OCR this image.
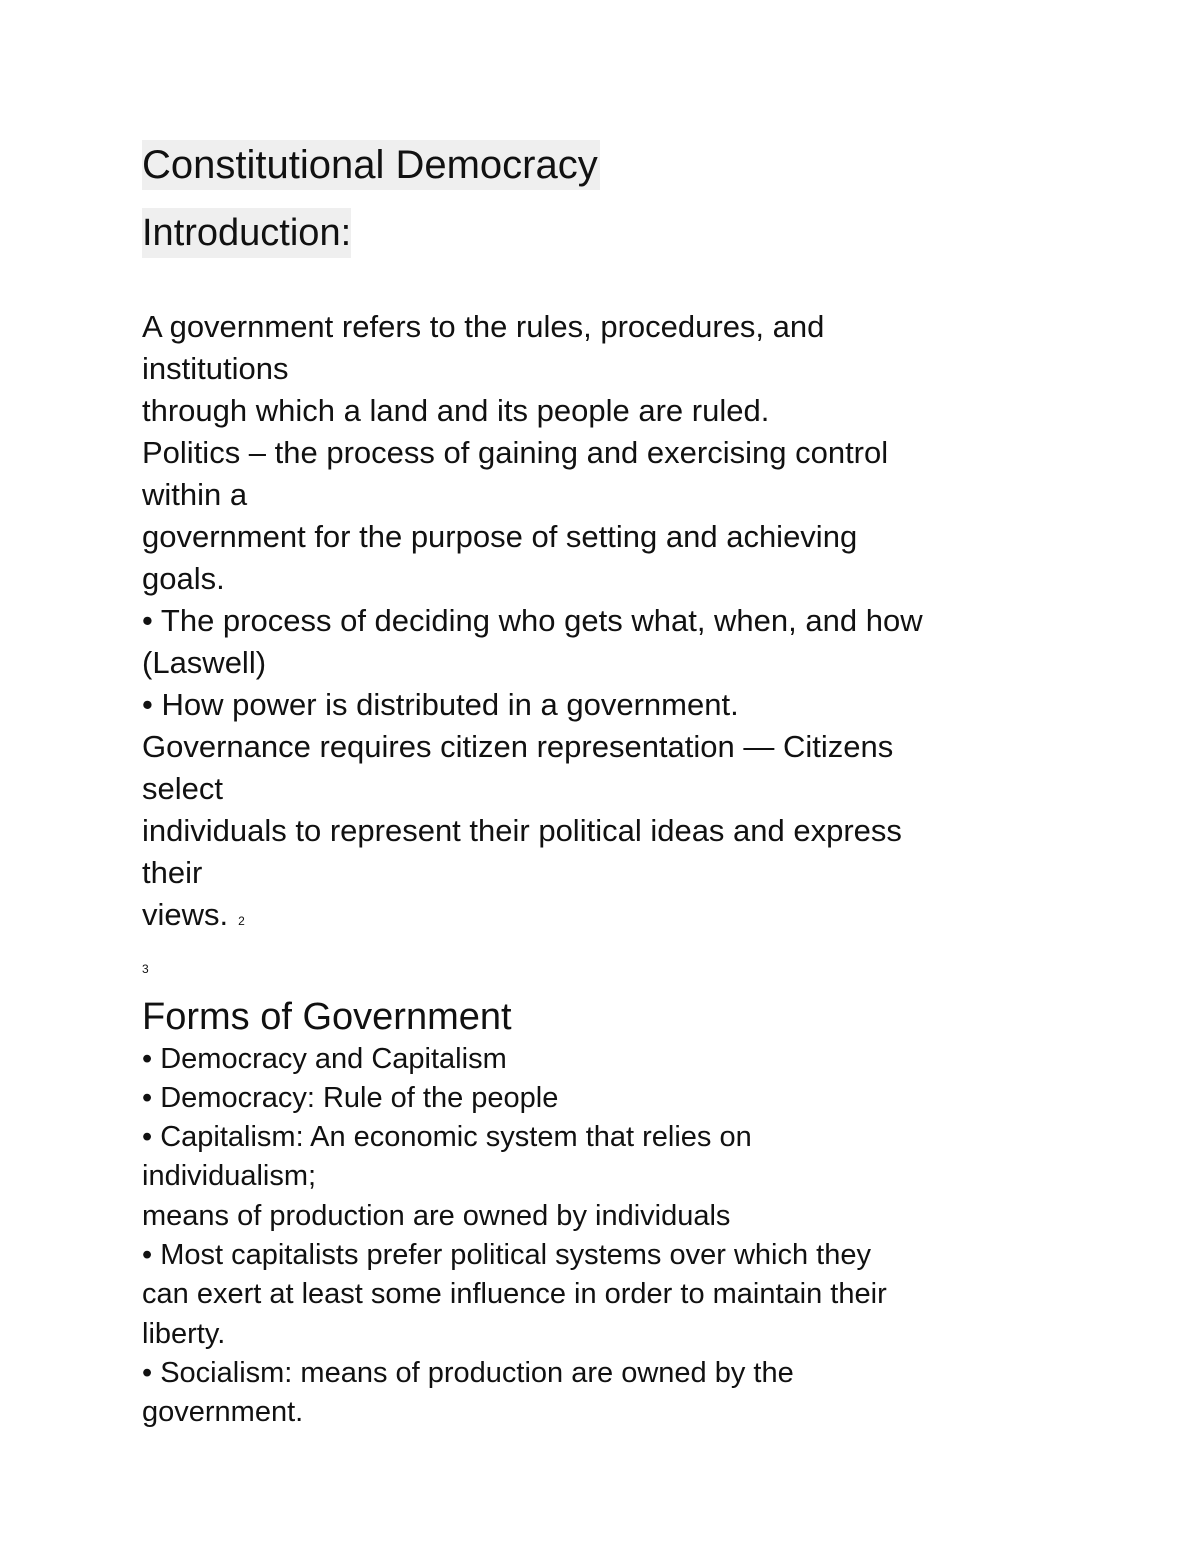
Constitutional Democracy
Introduction:
A government refers to the rules, procedures, and
institutions
through which a land and its people are ruled.
Politics – the process of gaining and exercising control
within a
government for the purpose of setting and achieving
goals.
• The process of deciding who gets what, when, and how
(Laswell)
• How power is distributed in a government.
Governance requires citizen representation — Citizens
select
individuals to represent their political ideas and express
their
views. 2
3
Forms of Government
• Democracy and Capitalism
• Democracy: Rule of the people
• Capitalism: An economic system that relies on
individualism;
means of production are owned by individuals
• Most capitalists prefer political systems over which they
can exert at least some influence in order to maintain their
liberty.
• Socialism: means of production are owned by the
government.
